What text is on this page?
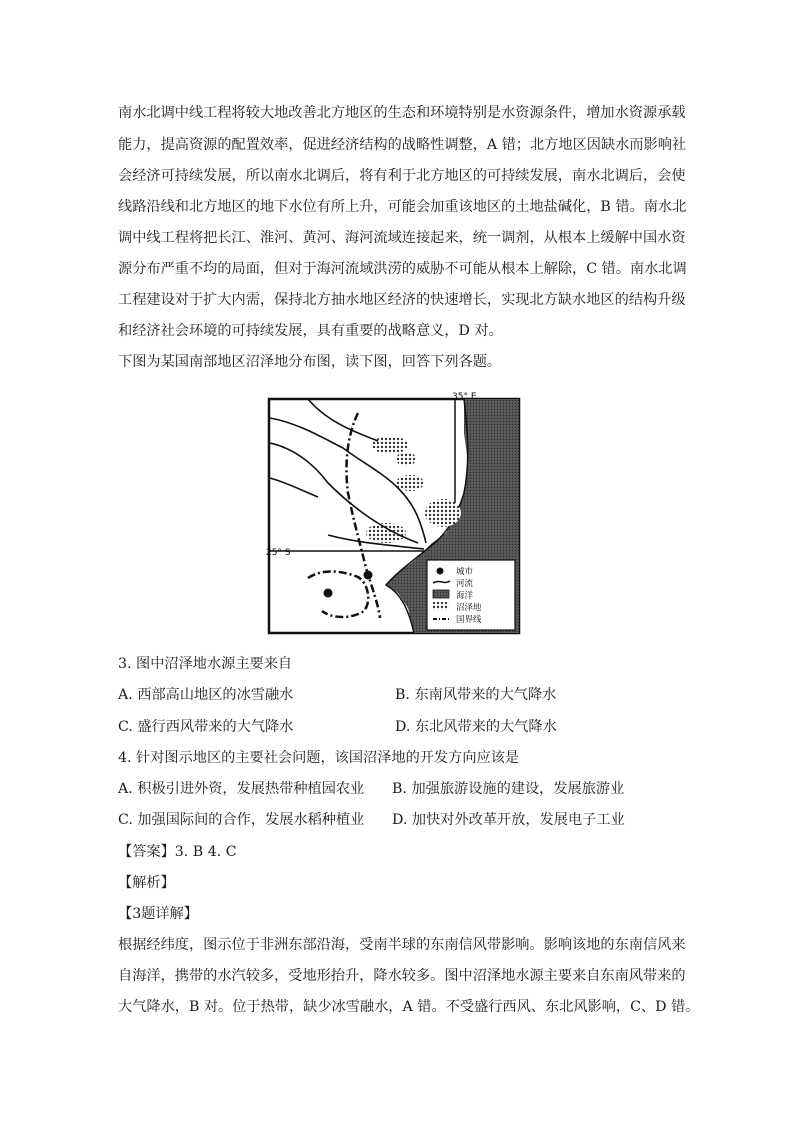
南水北调中线工程将较大地改善北方地区的生态和环境特别是水资源条件，增加水资源承载
能力，提高资源的配置效率，促进经济结构的战略性调整，A 错；北方地区因缺水而影响社
会经济可持续发展，所以南水北调后，将有利于北方地区的可持续发展，南水北调后，会使
线路沿线和北方地区的地下水位有所上升，可能会加重该地区的土地盐碱化，B 错。南水北
调中线工程将把长江、淮河、黄河、海河流域连接起来，统一调剂，从根本上缓解中国水资
源分布严重不均的局面，但对于海河流域洪涝的威胁不可能从根本上解除，C 错。南水北调
工程建设对于扩大内需，保持北方抽水地区经济的快速增长，实现北方缺水地区的结构升级
和经济社会环境的可持续发展，具有重要的战略意义，D 对。
下图为某国南部地区沼泽地分布图，读下图，回答下列各题。
35° E
25° S
城市
河流
海洋
沼泽地
国界线
3. 图中沼泽地水源主要来自
A. 西部高山地区的冰雪融水	B. 东南风带来的大气降水
C. 盛行西风带来的大气降水	D. 东北风带来的大气降水
4. 针对图示地区的主要社会问题，该国沼泽地的开发方向应该是
A. 积极引进外资，发展热带种植园农业 B. 加强旅游设施的建设，发展旅游业
C. 加强国际间的合作，发展水稻种植业 D. 加快对外改革开放，发展电子工业
【答案】3. B 4. C
【解析】
【3题详解】
根据经纬度，图示位于非洲东部沿海，受南半球的东南信风带影响。影响该地的东南信风来
自海洋，携带的水汽较多，受地形抬升，降水较多。图中沼泽地水源主要来自东南风带来的
大气降水，B 对。位于热带，缺少冰雪融水，A 错。不受盛行西风、东北风影响，C、D 错。
